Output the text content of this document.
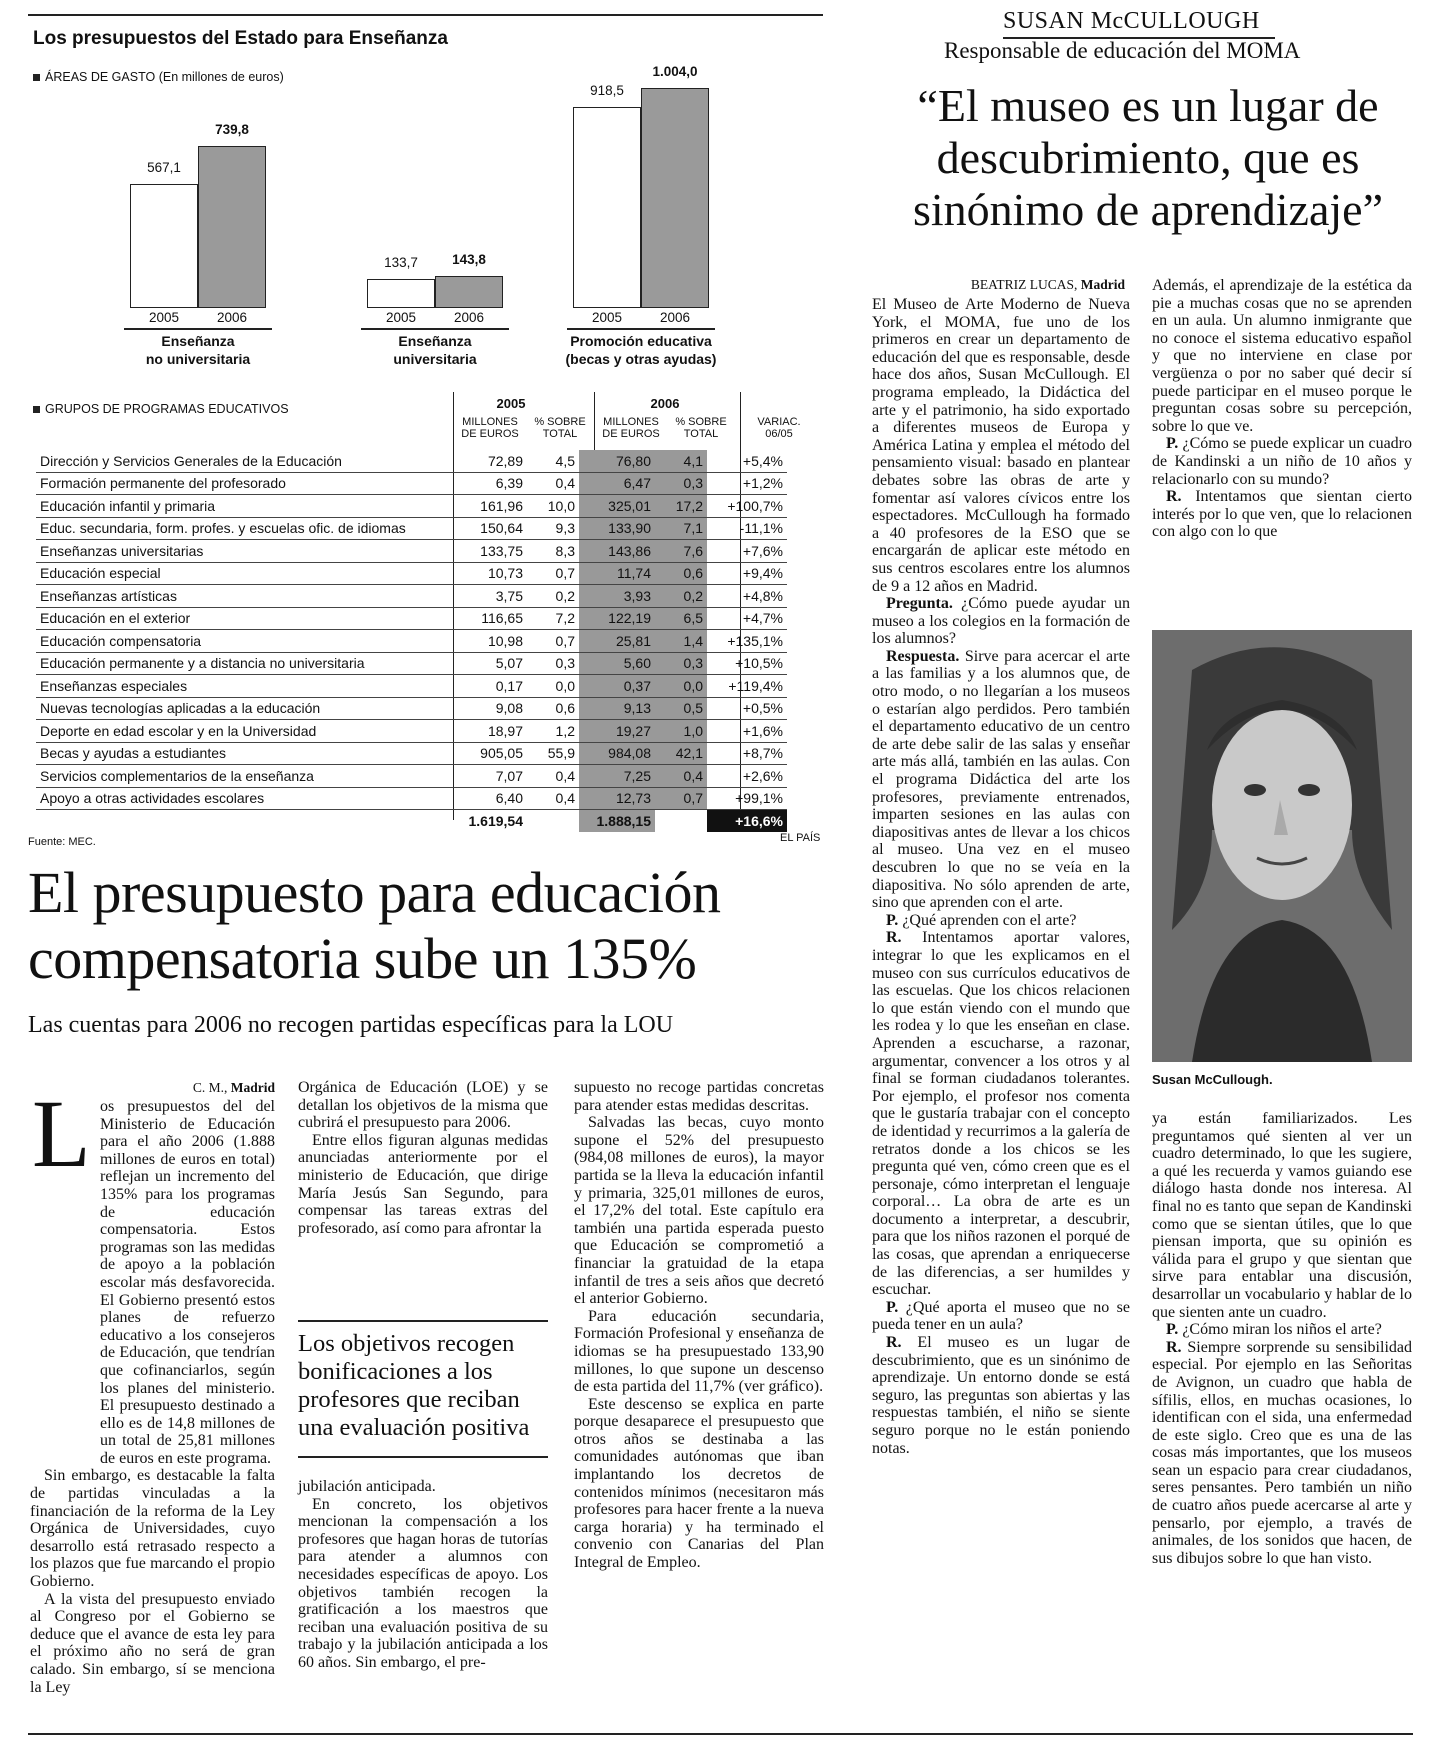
Los presupuestos del Estado para Enseñanza
ÁREAS DE GASTO (En millones de euros)
567,1
2005
739,8
2006
Enseñanza
no universitaria
133,7
2005
143,8
2006
Enseñanza
universitaria
918,5
2005
1.004,0
2006
Promoción educativa
(becas y otras ayudas)
GRUPOS DE PROGRAMAS EDUCATIVOS	2005	2006
MILLONES
DE EUROS
% SOBRE
TOTAL
MILLONES
DE EUROS
% SOBRE
TOTAL
VARIAC.
06/05
Dirección y Servicios Generales de la Educación	72,89	4,5	76,80	4,1	+5,4%
Formación permanente del profesorado	6,39	0,4	6,47	0,3	+1,2%
Educación infantil y primaria	161,96	10,0	325,01	17,2	+100,7%
Educ. secundaria, form. profes. y escuelas ofic. de idiomas	150,64	9,3	133,90	7,1	-11,1%
Enseñanzas universitarias	133,75	8,3	143,86	7,6	+7,6%
Educación especial	10,73	0,7	11,74	0,6	+9,4%
Enseñanzas artísticas	3,75	0,2	3,93	0,2	+4,8%
Educación en el exterior	116,65	7,2	122,19	6,5	+4,7%
Educación compensatoria	10,98	0,7	25,81	1,4	+135,1%
Educación permanente y a distancia no universitaria	5,07	0,3	5,60	0,3	+10,5%
Enseñanzas especiales	0,17	0,0	0,37	0,0	+119,4%
Nuevas tecnologías aplicadas a la educación	9,08	0,6	9,13	0,5	+0,5%
Deporte en edad escolar y en la Universidad	18,97	1,2	19,27	1,0	+1,6%
Becas y ayudas a estudiantes	905,05	55,9	984,08	42,1	+8,7%
Servicios complementarios de la enseñanza	7,07	0,4	7,25	0,4	+2,6%
Apoyo a otras actividades escolares	6,40	0,4	12,73	0,7	+99,1%
	1.619,54		1.888,15		+16,6%
Fuente: MEC.	EL PAÍS
El presupuesto para educación
compensatoria sube un 135%
Las cuentas para 2006 no recogen partidas específicas para la LOU
C. M., Madrid
L os presupuestos del del Ministerio de Educación para el año 2006 (1.888 millones de euros en total) reflejan un incremento del 135% para los programas de educación compensatoria. Estos programas son las medidas de apoyo a la población escolar más desfavorecida. El Gobierno presentó estos planes de refuerzo educativo a los consejeros de Educación, que tendrían que cofinanciarlos, según los planes del ministerio. El presupuesto destinado a ello es de 14,8 millones de un total de 25,81 millones de euros en este programa.

Sin embargo, es destacable la falta de partidas vinculadas a la financiación de la reforma de la Ley Orgánica de Universidades, cuyo desarrollo está retrasado respecto a los plazos que fue marcando el propio Gobierno.

A la vista del presupuesto enviado al Congreso por el Gobierno se deduce que el avance de esta ley para el próximo año no será de gran calado. Sin embargo, sí se menciona la Ley

Orgánica de Educación (LOE) y se detallan los objetivos de la misma que cubrirá el presupuesto para 2006.

Entre ellos figuran algunas medidas anunciadas anteriormente por el ministerio de Educación, que dirige María Jesús San Segundo, para compensar las tareas extras del profesorado, así como para afrontar la

Los objetivos recogen bonificaciones a los profesores que reciban una evaluación positiva

jubilación anticipada.

En concreto, los objetivos mencionan la compensación a los profesores que hagan horas de tutorías para atender a alumnos con necesidades específicas de apoyo. Los objetivos también recogen la gratificación a los maestros que reciban una evaluación positiva de su trabajo y la jubilación anticipada a los 60 años. Sin embargo, el pre-

supuesto no recoge partidas concretas para atender estas medidas descritas.

Salvadas las becas, cuyo monto supone el 52% del presupuesto (984,08 millones de euros), la mayor partida se la lleva la educación infantil y primaria, 325,01 millones de euros, el 17,2% del total. Este capítulo era también una partida esperada puesto que Educación se comprometió a financiar la gratuidad de la etapa infantil de tres a seis años que decretó el anterior Gobierno.

Para educación secundaria, Formación Profesional y enseñanza de idiomas se ha presupuestado 133,90 millones, lo que supone un descenso de esta partida del 11,7% (ver gráfico).

Este descenso se explica en parte porque desaparece el presupuesto que otros años se destinaba a las comunidades autónomas que iban implantando los decretos de contenidos mínimos (necesitaron más profesores para hacer frente a la nueva carga horaria) y ha terminado el convenio con Canarias del Plan Integral de Empleo.

SUSAN McCULLOUGH
Responsable de educación del MOMA
“El museo es un lugar de
descubrimiento, que es
sinónimo de aprendizaje”
BEATRIZ LUCAS, Madrid

El Museo de Arte Moderno de Nueva York, el MOMA, fue uno de los primeros en crear un departamento de educación del que es responsable, desde hace dos años, Susan McCullough. El programa empleado, la Didáctica del arte y el patrimonio, ha sido exportado a diferentes museos de Europa y América Latina y emplea el método del pensamiento visual: basado en plantear debates sobre las obras de arte y fomentar así valores cívicos entre los espectadores. McCullough ha formado a 40 profesores de la ESO que se encargarán de aplicar este método en sus centros escolares entre los alumnos de 9 a 12 años en Madrid.

Pregunta. ¿Cómo puede ayudar un museo a los colegios en la formación de los alumnos?

Respuesta. Sirve para acercar el arte a las familias y a los alumnos que, de otro modo, o no llegarían a los museos o estarían algo perdidos. Pero también el departamento educativo de un centro de arte debe salir de las salas y enseñar arte más allá, también en las aulas. Con el programa Didáctica del arte los profesores, previamente entrenados, imparten sesiones en las aulas con diapositivas antes de llevar a los chicos al museo. Una vez en el museo descubren lo que no se veía en la diapositiva. No sólo aprenden de arte, sino que aprenden con el arte.

P. ¿Qué aprenden con el arte?

R. Intentamos aportar valores, integrar lo que les explicamos en el museo con sus currículos educativos de las escuelas. Que los chicos relacionen lo que están viendo con el mundo que les rodea y lo que les enseñan en clase. Aprenden a escucharse, a razonar, argumentar, convencer a los otros y al final se forman ciudadanos tolerantes. Por ejemplo, el profesor nos comenta que le gustaría trabajar con el concepto de identidad y recurrimos a la galería de retratos donde a los chicos se les pregunta qué ven, cómo creen que es el personaje, cómo interpretan el lenguaje corporal… La obra de arte es un documento a interpretar, a descubrir, para que los niños razonen el porqué de las cosas, que aprendan a enriquecerse de las diferencias, a ser humildes y escuchar.

P. ¿Qué aporta el museo que no se pueda tener en un aula?

R. El museo es un lugar de descubrimiento, que es un sinónimo de aprendizaje. Un entorno donde se está seguro, las preguntas son abiertas y las respuestas también, el niño se siente seguro porque no le están poniendo notas.

Además, el aprendizaje de la estética da pie a muchas cosas que no se aprenden en un aula. Un alumno inmigrante que no conoce el sistema educativo español y que no interviene en clase por vergüenza o por no saber qué decir sí puede participar en el museo porque le preguntan cosas sobre su percepción, sobre lo que ve.

P. ¿Cómo se puede explicar un cuadro de Kandinski a un niño de 10 años y relacionarlo con su mundo?

R. Intentamos que sientan cierto interés por lo que ven, que lo relacionen con algo con lo que

Susan McCullough.

ya están familiarizados. Les preguntamos qué sienten al ver un cuadro determinado, lo que les sugiere, a qué les recuerda y vamos guiando ese diálogo hasta donde nos interesa. Al final no es tanto que sepan de Kandinski como que se sientan útiles, que lo que piensan importa, que su opinión es válida para el grupo y que sientan que sirve para entablar una discusión, desarrollar un vocabulario y hablar de lo que sienten ante un cuadro.

P. ¿Cómo miran los niños el arte?

R. Siempre sorprende su sensibilidad especial. Por ejemplo en las Señoritas de Avignon, un cuadro que habla de sífilis, ellos, en muchas ocasiones, lo identifican con el sida, una enfermedad de este siglo. Creo que es una de las cosas más importantes, que los museos sean un espacio para crear ciudadanos, seres pensantes. Pero también un niño de cuatro años puede acercarse al arte y pensarlo, por ejemplo, a través de animales, de los sonidos que hacen, de sus dibujos sobre lo que han visto.
